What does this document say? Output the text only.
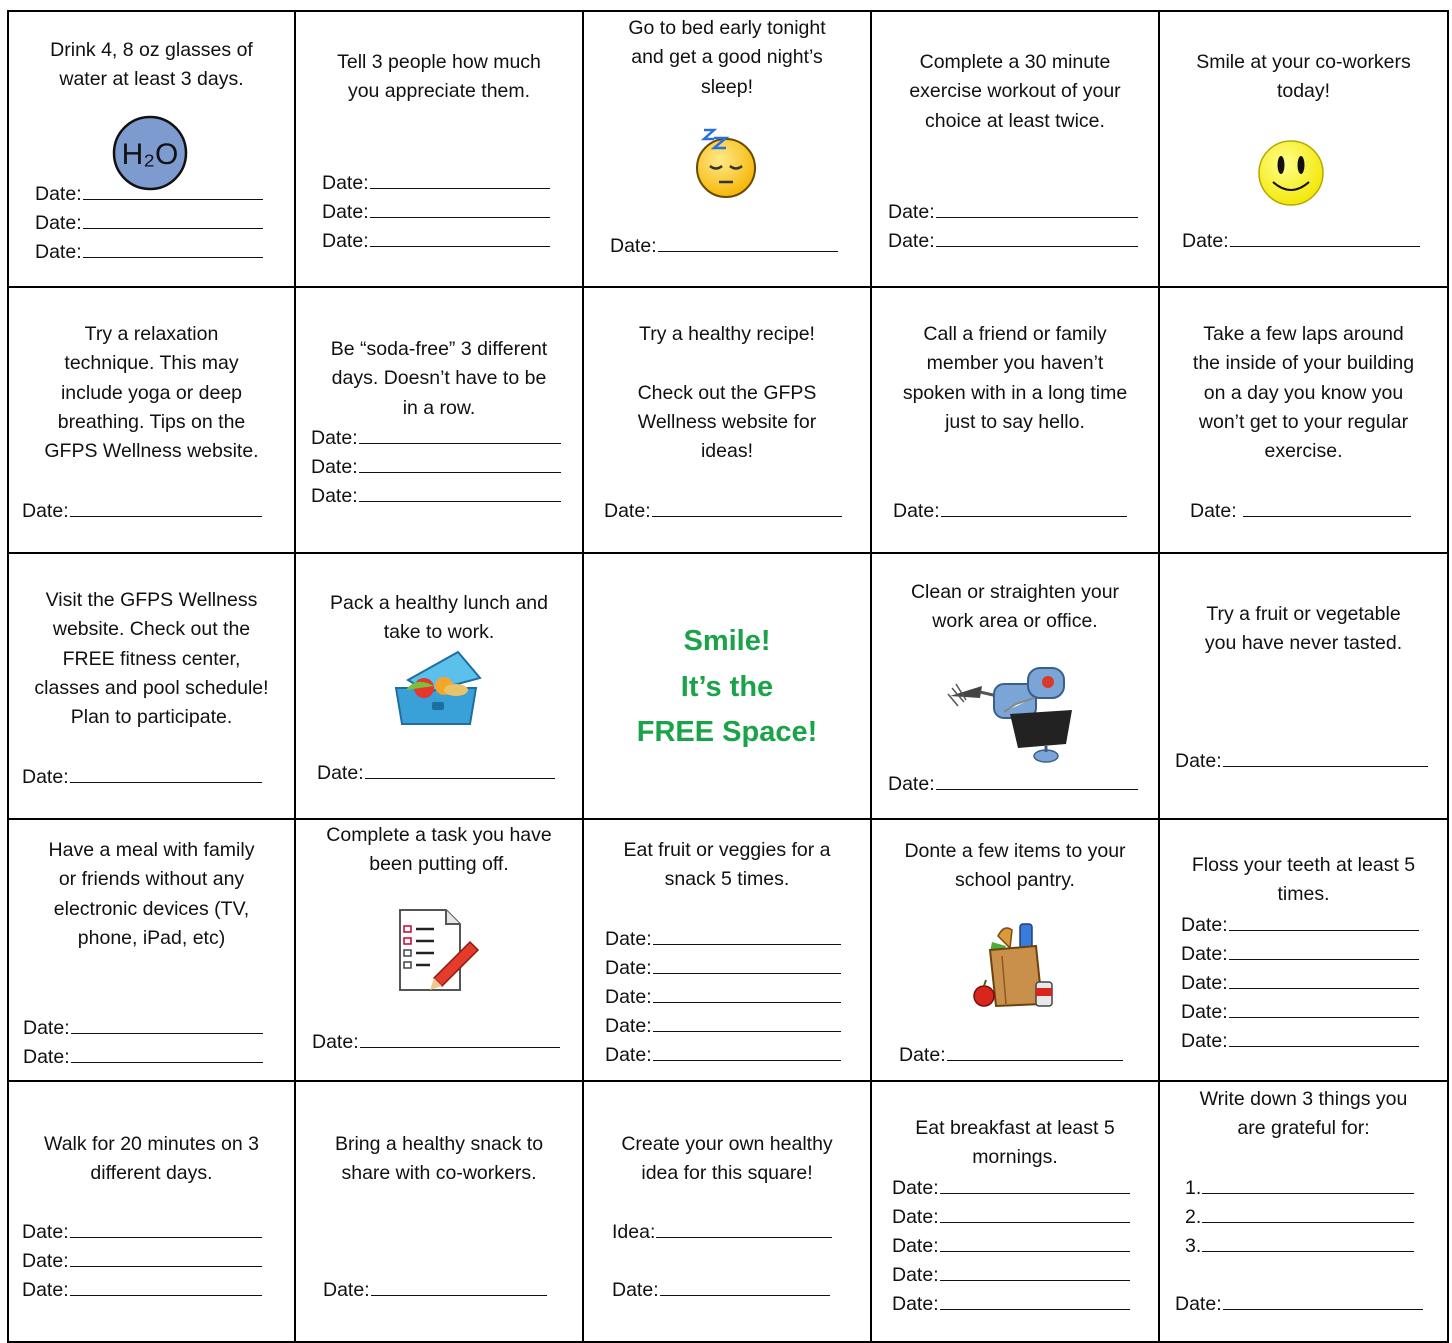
Drink 4, 8 oz glasses of
water at least 3 days.
H₂O
Date:
Date:
Date:
Tell 3 people how much
you appreciate them.
Date:
Date:
Date:
Go to bed early tonight
and get a good night’s
sleep!
Date:
Complete a 30 minute
exercise workout of your
choice at least twice.
Date:
Date:
Smile at your co-workers
today!
Date:
Try a relaxation
technique. This may
include yoga or deep
breathing. Tips on the
GFPS Wellness website.
Date:
Be “soda-free” 3 different
days. Doesn’t have to be
in a row.
Date:
Date:
Date:
Try a healthy recipe!

Check out the GFPS
Wellness website for
ideas!
Date:
Call a friend or family
member you haven’t
spoken with in a long time
just to say hello.
Date:
Take a few laps around
the inside of your building
on a day you know you
won’t get to your regular
exercise.
Date:
Visit the GFPS Wellness
website. Check out the
FREE fitness center,
classes and pool schedule!
Plan to participate.
Date:
Pack a healthy lunch and
take to work.
Date:
Smile!
It’s the
FREE Space!
Clean or straighten your
work area or office.
Date:
Try a fruit or vegetable
you have never tasted.
Date:
Have a meal with family
or friends without any
electronic devices (TV,
phone, iPad, etc)
Date:
Date:
Complete a task you have
been putting off.
Date:
Eat fruit or veggies for a
snack 5 times.
Date:
Date:
Date:
Date:
Date:
Donte a few items to your
school pantry.
Date:
Floss your teeth at least 5
times.
Date:
Date:
Date:
Date:
Date:
Walk for 20 minutes on 3
different days.
Date:
Date:
Date:
Bring a healthy snack to
share with co-workers.
Date:
Create your own healthy
idea for this square!
Idea:
Date:
Eat breakfast at least 5
mornings.
Date:
Date:
Date:
Date:
Date:
Write down 3 things you
are grateful for:
1.
2.
3.
Date:
